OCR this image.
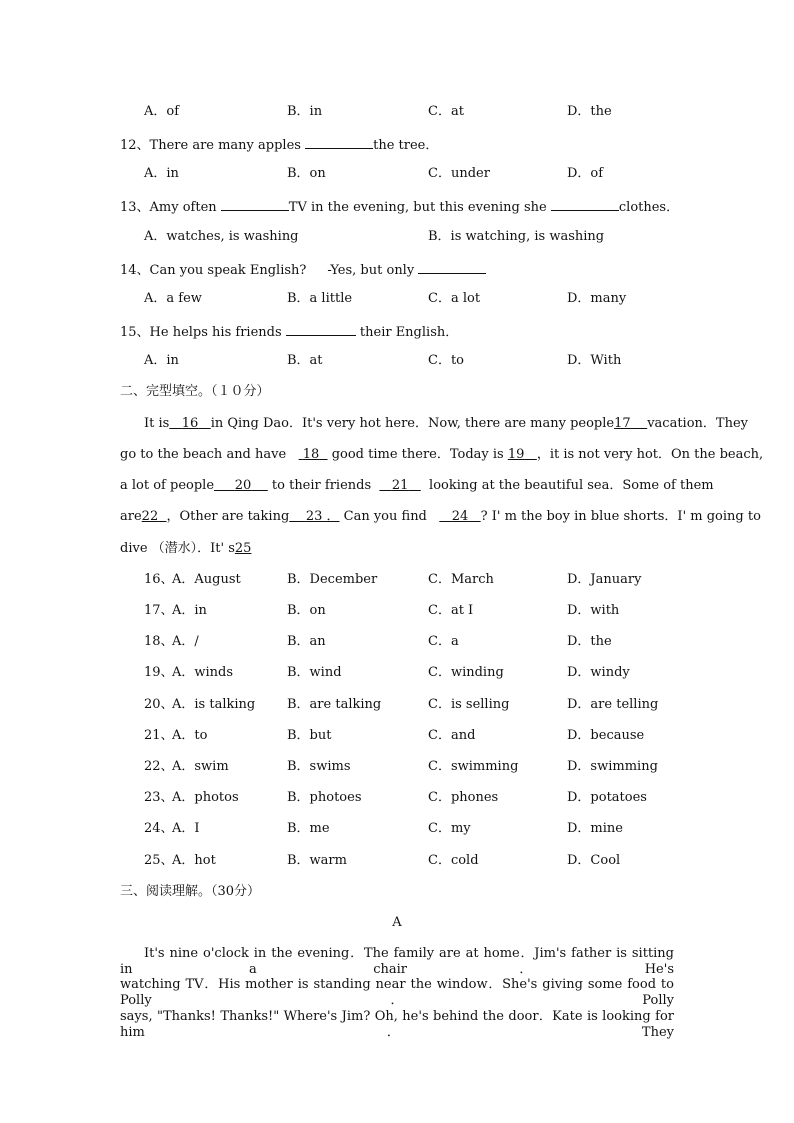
A．of	B．in	C．at	D．the
12、There are many apples	the tree．
A．in	B．on	C．under	D．of
13、Amy often	TV in the evening, but this evening she	clothes．
A．watches, is washing	B．is watching, is washing
14、Can you speak English? -Yes, but only
A．a few	B．a little	C．a lot	D．many
15、He helps his friends	their English．
A．in	B．at	C．to	D．With
二、完型填空。（１０分）
It is 16 in Qing Dao．It's very hot here．Now, there are many people17 vacation．They
go to the beach and have 18 good time there．Today is 19 ，it is not very hot．On the beach,
a lot of people 20 to their friends 21 looking at the beautiful sea．Some of them
are22 ，Other are taking 23 ． Can you find 24 ? I' m the boy in blue shorts．I' m going to
dive （潜水）．It' s25
16、
A．August	B．December	C．March	D．January
17、
A．in	B．on	C．at I	D．with
18、
A．/	B．an	C．a	D．the
19、
A．winds	B．wind	C．winding	D．windy
20、
A．is talking B．are talking	C．is selling	D．are telling
21、
A．to	B．but	C．and	D．because
22、
A．swim	B．swims	C．swimming	D．swimming
23、
A．photos	B．photoes	C．phones	D．potatoes
24、
A．I	B．me	C．my	D．mine
25、
A．hot	B．warm	C．cold	D．Cool
三、阅读理解。（30分）
A
It's nine o'clock in the evening．The family are at home．Jim's father is sitting in a chair．He's
watching TV．His mother is standing near the window．She's giving some food to Polly．Polly
says, "Thanks! Thanks!" Where's Jim? Oh, he's behind the door．Kate is looking for him．They
